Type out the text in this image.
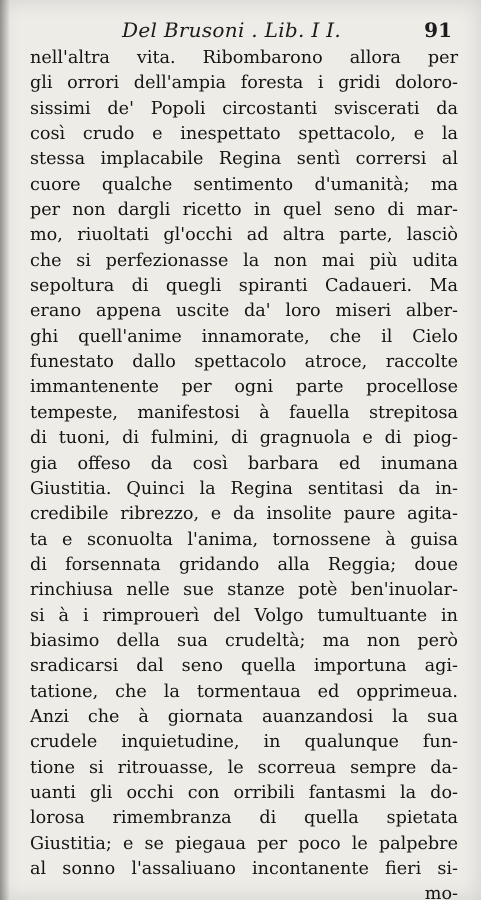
Del Brusoni . Lib. I I.	91
nell'altra vita. Ribombarono allora per
gli orrori dell'ampia foresta i gridi doloro-
sissimi de' Popoli circostanti sviscerati da
così crudo e inespettato spettacolo, e la
stessa implacabile Regina sentì corrersi al
cuore qualche sentimento d'umanità; ma
per non dargli ricetto in quel seno di mar-
mo, riuoltati gl'occhi ad altra parte, lasciò
che si perfezionasse la non mai più udita
sepoltura di quegli spiranti Cadaueri. Ma
erano appena uscite da' loro miseri alber-
ghi quell'anime innamorate, che il Cielo
funestato dallo spettacolo atroce, raccolte
immantenente per ogni parte procellose
tempeste, manifestosi à fauella strepitosa
di tuoni, di fulmini, di gragnuola e di piog-
gia offeso da così barbara ed inumana
Giustitia. Quinci la Regina sentitasi da in-
credibile ribrezzo, e da insolite paure agita-
ta e sconuolta l'anima, tornossene à guisa
di forsennata gridando alla Reggia; doue
rinchiusa nelle sue stanze potè ben'inuolar-
si à i rimprouerì del Volgo tumultuante in
biasimo della sua crudeltà; ma non però
sradicarsi dal seno quella importuna agi-
tatione, che la tormentaua ed opprimeua.
Anzi che à giornata auanzandosi la sua
crudele inquietudine, in qualunque fun-
tione si ritrouasse, le scorreua sempre da-
uanti gli occhi con orribili fantasmi la do-
lorosa rimembranza di quella spietata
Giustitia; e se piegaua per poco le palpebre
al sonno l'assaliuano incontanente fieri si-
mo-
